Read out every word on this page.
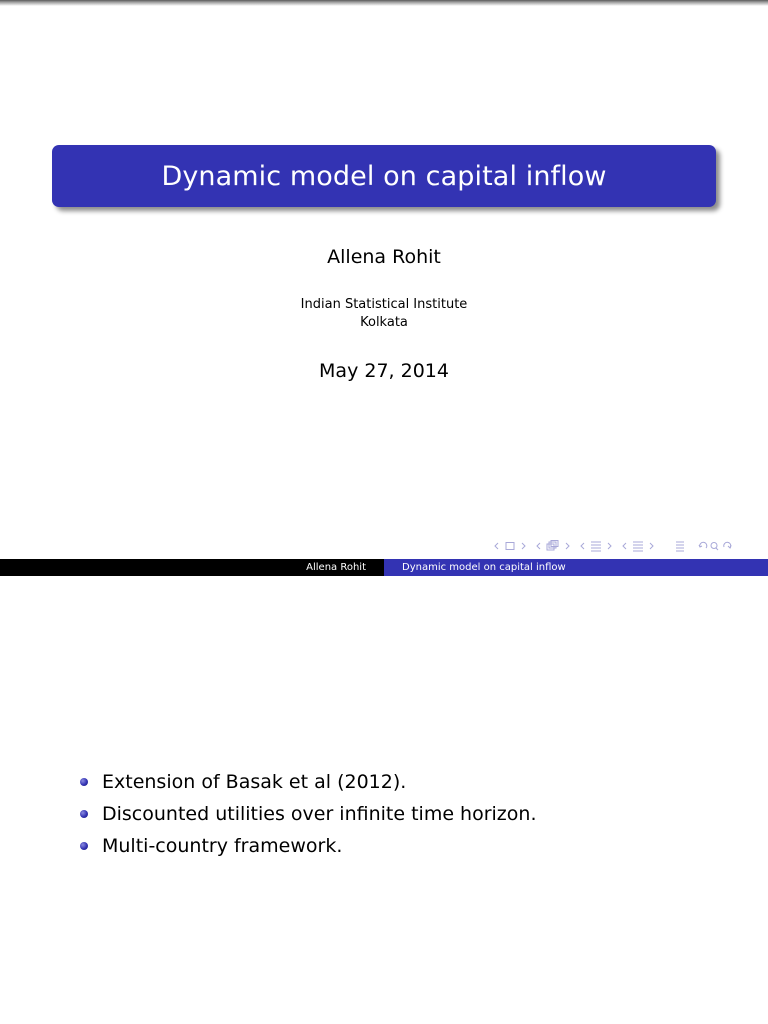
Dynamic model on capital inflow
Allena Rohit
Indian Statistical Institute
Kolkata
May 27, 2014
Allena Rohit	Dynamic model on capital inflow
Extension of Basak et al (2012).
Discounted utilities over infinite time horizon.
Multi-country framework.
